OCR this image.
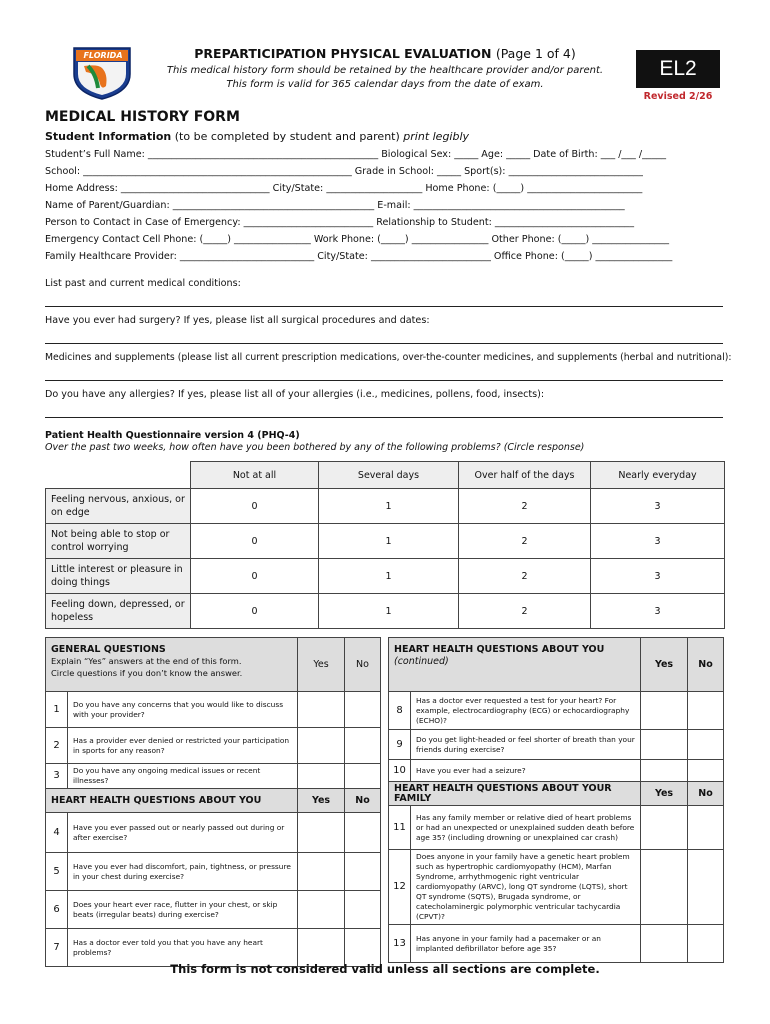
FLORIDA	PREPARTICIPATION PHYSICAL EVALUATION (Page 1 of 4)
This medical history form should be retained by the healthcare provider and/or parent.
This form is valid for 365 calendar days from the date of exam.
EL2
Revised 2/26
MEDICAL HISTORY FORM
Student Information (to be completed by student and parent) print legibly
Student’s Full Name: ________________________________________________ Biological Sex: _____ Age: _____ Date of Birth: ___ /___ /_____
School: ________________________________________________________ Grade in School: _____ Sport(s): ____________________________
Home Address: _______________________________ City/State: ____________________ Home Phone: (_____) ________________________
Name of Parent/Guardian: __________________________________________ E-mail: ____________________________________________
Person to Contact in Case of Emergency: ___________________________ Relationship to Student: _____________________________
Emergency Contact Cell Phone: (_____) ________________ Work Phone: (_____) ________________ Other Phone: (_____) ________________
Family Healthcare Provider: ____________________________ City/State: _________________________ Office Phone: (_____) ________________
List past and current medical conditions:
Have you ever had surgery? If yes, please list all surgical procedures and dates:
Medicines and supplements (please list all current prescription medications, over-the-counter medicines, and supplements (herbal and nutritional):
Do you have any allergies? If yes, please list all of your allergies (i.e., medicines, pollens, food, insects):
Patient Health Questionnaire version 4 (PHQ-4)
Over the past two weeks, how often have you been bothered by any of the following problems? (Circle response)
	Not at all	Several days	Over half of the days	Nearly everyday
Feeling nervous, anxious, or on edge	0	1	2	3
Not being able to stop or control worrying	0	1	2	3
Little interest or pleasure in doing things	0	1	2	3
Feeling down, depressed, or hopeless	0	1	2	3
GENERAL QUESTIONS
Explain “Yes” answers at the end of this form.
Circle questions if you don’t know the answer.		Yes	No
1	Do you have any concerns that you would like to discuss with your provider?		
2	Has a provider ever denied or restricted your participation in sports for any reason?		
3	Do you have any ongoing medical issues or recent illnesses?		
HEART HEALTH QUESTIONS ABOUT YOU		Yes	No
4	Have you ever passed out or nearly passed out during or after exercise?		
5	Have you ever had discomfort, pain, tightness, or pressure in your chest during exercise?		
6	Does your heart ever race, flutter in your chest, or skip beats (irregular beats) during exercise?		
7	Has a doctor ever told you that you have any heart problems?		
HEART HEALTH QUESTIONS ABOUT YOU
(continued)		Yes	No
8	Has a doctor ever requested a test for your heart? For example, electrocardiography (ECG) or echocardiography (ECHO)?		
9	Do you get light-headed or feel shorter of breath than your friends during exercise?		
10	Have you ever had a seizure?		
HEART HEALTH QUESTIONS ABOUT YOUR FAMILY		Yes	No
11	Has any family member or relative died of heart problems or had an unexpected or unexplained sudden death before age 35? (including drowning or unexplained car crash)		
12	Does anyone in your family have a genetic heart problem such as hypertrophic cardiomyopathy (HCM), Marfan Syndrome, arrhythmogenic right ventricular cardiomyopathy (ARVC), long QT syndrome (LQTS), short QT syndrome (SQTS), Brugada syndrome, or catecholaminergic polymorphic ventricular tachycardia (CPVT)?		
13	Has anyone in your family had a pacemaker or an implanted defibrillator before age 35?		
This form is not considered valid unless all sections are complete.
